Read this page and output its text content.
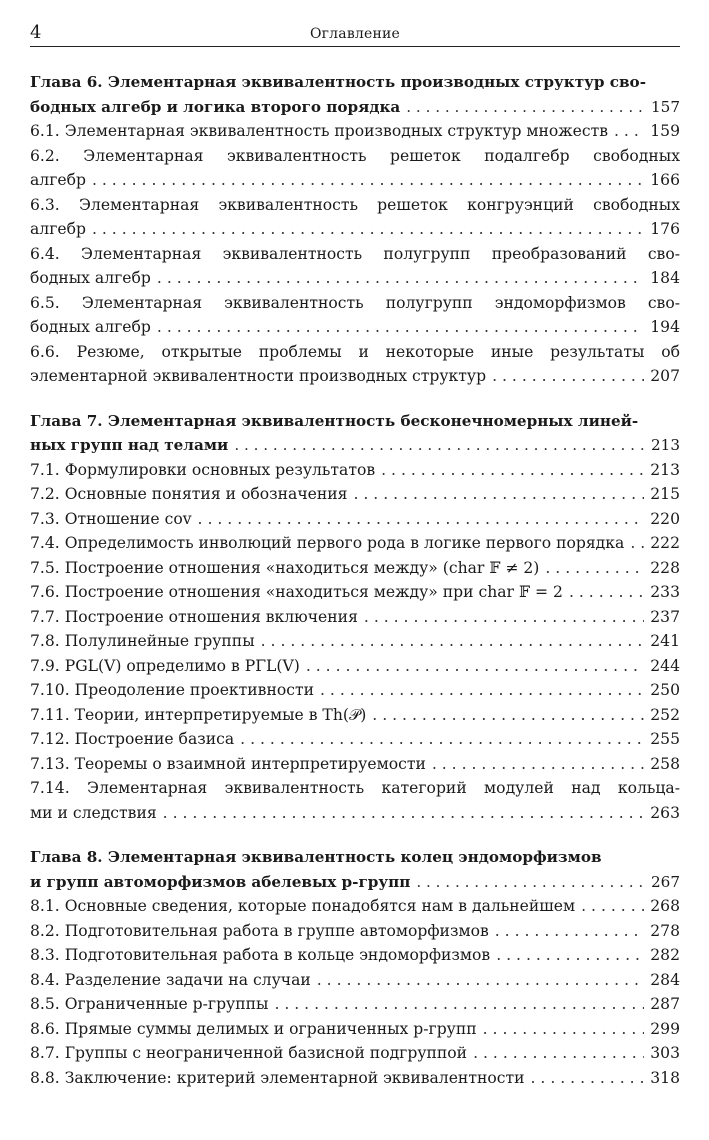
4	Оглавление
Глава 6. Элементарная эквивалентность производных структур сво-
бодных алгебр и логика второго порядка . . .	157
6.1. Элементарная эквивалентность производных структур множеств . . .	159
6.2. Элементарная эквивалентность решеток подалгебр свободных
алгебр . . .	166
6.3. Элементарная эквивалентность решеток конгруэнций свободных
алгебр . . .	176
6.4. Элементарная эквивалентность полугрупп преобразований сво-
бодных алгебр . . .	184
6.5. Элементарная эквивалентность полугрупп эндоморфизмов сво-
бодных алгебр . . .	194
6.6. Резюме, открытые проблемы и некоторые иные результаты об
элементарной эквивалентности производных структур . . .	207
Глава 7. Элементарная эквивалентность бесконечномерных линей-
ных групп над телами . . .	213
7.1. Формулировки основных результатов . . .	213
7.2. Основные понятия и обозначения . . .	215
7.3. Отношение cov . . .	220
7.4. Определимость инволюций первого рода в логике первого порядка . . . 222
7.5. Построение отношения «находиться между» (char 𝔽 ≠ 2) . . .	228
7.6. Построение отношения «находиться между» при char 𝔽 = 2 . . .	233
7.7. Построение отношения включения . . .	237
7.8. Полулинейные группы . . .	241
7.9. PGL(V) определимо в PΓL(V) . . .	244
7.10. Преодоление проективности . . .	250
7.11. Теории, интерпретируемые в Th(𝒫) . . .	252
7.12. Построение базиса . . .	255
7.13. Теоремы о взаимной интерпретируемости . . .	258
7.14. Элементарная эквивалентность категорий модулей над кольца-
ми и следствия . . .	263
Глава 8. Элементарная эквивалентность колец эндоморфизмов
и групп автоморфизмов абелевых p-групп . . .	267
8.1. Основные сведения, которые понадобятся нам в дальнейшем . . .	268
8.2. Подготовительная работа в группе автоморфизмов . . .	278
8.3. Подготовительная работа в кольце эндоморфизмов . . .	282
8.4. Разделение задачи на случаи . . .	284
8.5. Ограниченные p-группы . . .	287
8.6. Прямые суммы делимых и ограниченных p-групп . . .	299
8.7. Группы с неограниченной базисной подгруппой . . .	303
8.8. Заключение: критерий элементарной эквивалентности . . .	318
